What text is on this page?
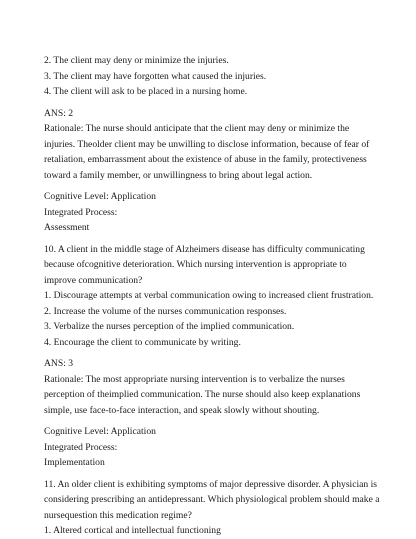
2. The client may deny or minimize the injuries.
3. The client may have forgotten what caused the injuries.
4. The client will ask to be placed in a nursing home.
ANS: 2
Rationale: The nurse should anticipate that the client may deny or minimize the
injuries. Theolder client may be unwilling to disclose information, because of fear of
retaliation, embarrassment about the existence of abuse in the family, protectiveness
toward a family member, or unwillingness to bring about legal action.
Cognitive Level: Application
Integrated Process:
Assessment
10. A client in the middle stage of Alzheimers disease has difficulty communicating
because ofcognitive deterioration. Which nursing intervention is appropriate to
improve communication?
1. Discourage attempts at verbal communication owing to increased client frustration.
2. Increase the volume of the nurses communication responses.
3. Verbalize the nurses perception of the implied communication.
4. Encourage the client to communicate by writing.
ANS: 3
Rationale: The most appropriate nursing intervention is to verbalize the nurses
perception of theimplied communication. The nurse should also keep explanations
simple, use face-to-face interaction, and speak slowly without shouting.
Cognitive Level: Application
Integrated Process:
Implementation
11. An older client is exhibiting symptoms of major depressive disorder. A physician is
considering prescribing an antidepressant. Which physiological problem should make a
nursequestion this medication regime?
1. Altered cortical and intellectual functioning
